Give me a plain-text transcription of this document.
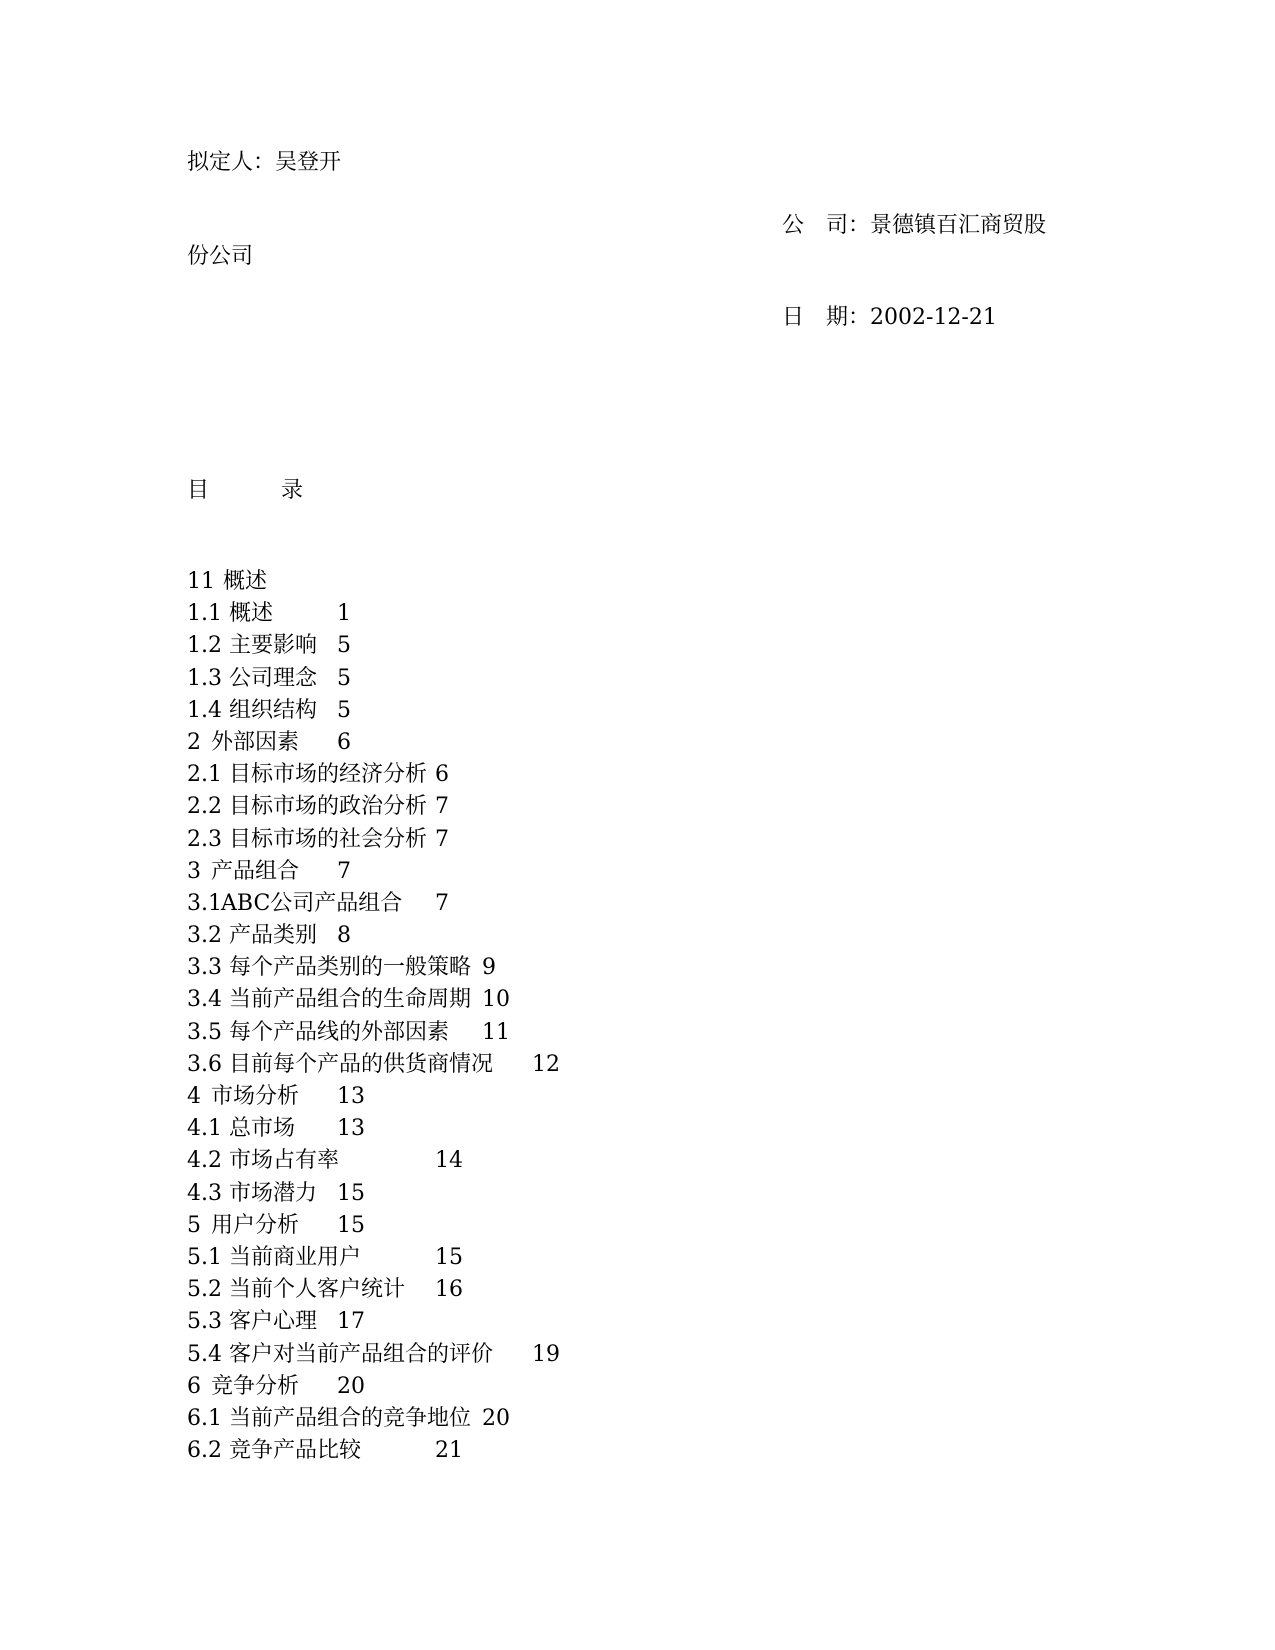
拟定人：吴登开
公　司：景德镇百汇商贸股
份公司
日　期：2002-12-21
目	录
11 概述
1.1 概述	1
1.2 主要影响 5
1.3 公司理念 5
1.4 组织结构 5
2 外部因素 6
2.1 目标市场的经济分析 6
2.2 目标市场的政治分析 7
2.3 目标市场的社会分析 7
3 产品组合 7
3.1 ABC公司产品组合 7
3.2 产品类别 8
3.3 每个产品类别的一般策略 9
3.4 当前产品组合的生命周期 10
3.5 每个产品线的外部因素 11
3.6 目前每个产品的供货商情况 12
4 市场分析 13
4.1 总市场 13
4.2 市场占有率	14
4.3 市场潜力 15
5 用户分析 15
5.1 当前商业用户	15
5.2 当前个人客户统计 16
5.3 客户心理 17
5.4 客户对当前产品组合的评价 19
6 竞争分析 20
6.1 当前产品组合的竞争地位 20
6.2 竞争产品比较	21
